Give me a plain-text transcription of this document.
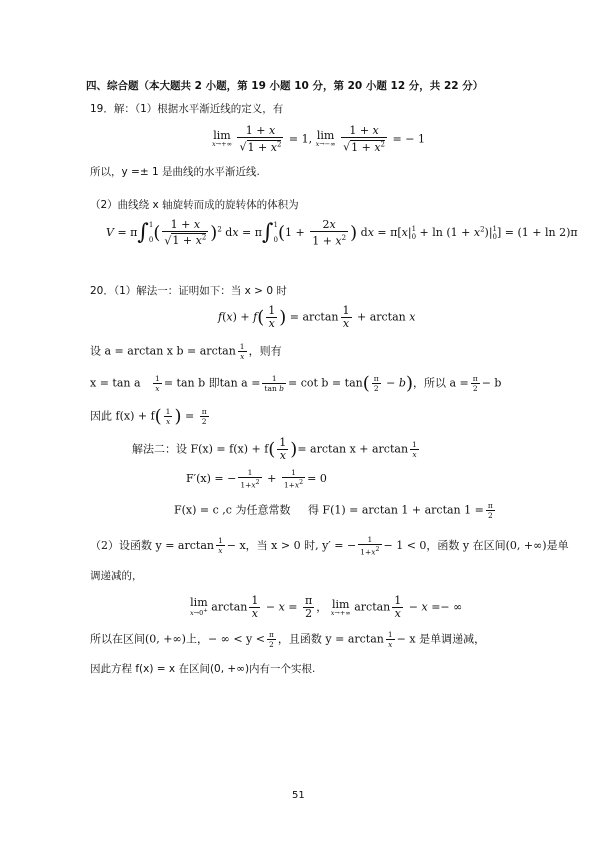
四、综合题（本大题共 2 小题，第 19 小题 10 分，第 20 小题 12 分，共 22 分）
19．解：（1）根据水平渐近线的定义，有
lim
x→+∞
$\frac{1 + x}{√1 + x^2} = 1$, lim
x→−∞
$\frac{1 + x}{√1 + x^2}$ = − 1
所以，y =± 1 是曲线的水平渐近线.
（2）曲线绕 x 轴旋转而成的旋转体的体积为
V = π∫ 1
0 ( $\frac{1 + x}{√1 + x^2} )^2$ dx = π∫ 1
0 ($1 + \frac{2x}{1 + x^2}$ ) dx = π[x| 1
$0 + \ln (1 + x^2)|$ 1
0 ] = (1 + ln 2)π
20．（1）解法一：证明如下：当 x > 0 时
$f(x) + f( \frac{1}{x}$ ) = $\arctan \frac{1}{x} + \arctan x$
设 a = arctan x $b = \arctan \frac{1}{x}$ ，则有
x = tan a $\frac{1}{x} = \tan b$ 即$\tan a = \frac{1}{\text{tan b}} = \cot b = \tan( \frac{\pi}{2} - b)$，所以 $a = \frac{\pi}{2} - b$
因此 $f(x) + f( \frac{1}{x}$ ) = $\frac{\pi}{2}$
解法二：设 $F(x) = f(x) + f( \frac{1}{x}$ )= $\arctan x + \arctan \frac{1}{x}$
F′(x) = − $\frac{1}{1+x^2} + \frac{1}{1+x^2} = 0$
F(x) = c ,c 为任意常数 得 $F(1) = \arctan 1 + \arctan 1 = \frac{\pi}{2}$
（2）设函数 $y = \arctan \frac{1}{x} - x$，当 x > 0 时, y′ = − $\frac{1}{1+x^2} - 1 < 0$，函数 y 在区间(0, +∞)是单
调递减的，
lim
x→0+ $\arctan \frac{1}{x} - x = \frac{\pi}{2}$ ， lim
x→+∞ $\arctan \frac{1}{x} - x$ =− ∞
所以在区间(0, +∞)上，− ∞ < $y < \frac{\pi}{2}$ ，且函数 $y = \arctan \frac{1}{x} - x$ 是单调递减，
因此方程 f(x) = x 在区间(0, +∞)内有一个实根.
51
